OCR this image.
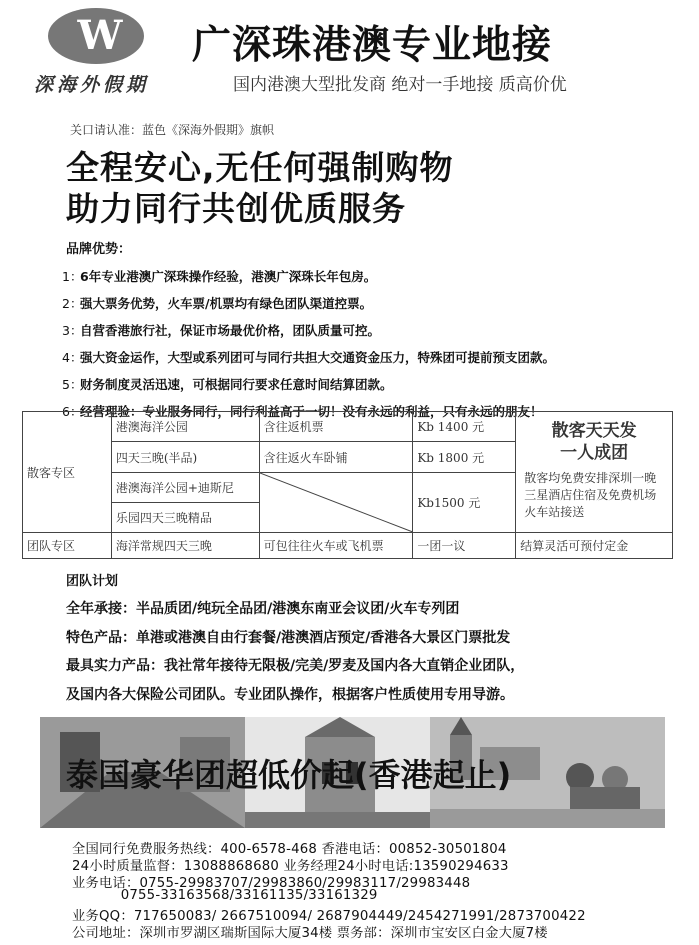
W
深海外假期
广深珠港澳专业地接
国内港澳大型批发商 绝对一手地接 质高价优
关口请认准：蓝色《深海外假期》旗帜
全程安心,无任何强制购物
助力同行共创优质服务
品牌优势：
1：
6年专业港澳广深珠操作经验，港澳广深珠长年包房。
2：
强大票务优势，火车票/机票均有绿色团队渠道控票。
3：
自营香港旅行社，保证市场最优价格，团队质量可控。
4：
强大资金运作，大型或系列团可与同行共担大交通资金压力，特殊团可提前预支团款。
5：
财务制度灵活迅速，可根据同行要求任意时间结算团款。
6：
经营理验：专业服务同行，同行利益高于一切！没有永远的利益，只有永远的朋友！
散客专区	港澳海洋公园	含往返机票	Kb 1400 元	散客天天发
一人成团
散客均免费安排深圳一晚三星酒店住宿及免费机场火车站接送

	四天三晚(半品)	含往返火车卧铺	Kb 1800 元	
	港澳海洋公园+迪斯尼		Kb1500 元	
	乐园四天三晚精品			
团队专区	海洋常规四天三晚	可包往往火车或飞机票	一团一议	结算灵活可预付定金
团队计划
全年承接：半品质团/纯玩全品团/港澳东南亚会议团/火车专列团
特色产品：单港或港澳自由行套餐/港澳酒店预定/香港各大景区门票批发
最具实力产品：我社常年接待无限极/完美/罗麦及国内各大直销企业团队，
及国内各大保险公司团队。专业团队操作，根据客户性质使用专用导游。
泰国豪华团超低价起(香港起止)
全国同行免费服务热线：400-6578-468 香港电话：00852-30501804
24小时质量监督：13088868680 业务经理24小时电话:13590294633
业务电话：0755-29983707/29983860/29983117/29983448
0755-33163568/33161135/33161329
业务QQ：717650083/ 2667510094/ 2687904449/2454271991/2873700422
公司地址：深圳市罗湖区瑞斯国际大厦34楼 票务部：深圳市宝安区白金大厦7楼
